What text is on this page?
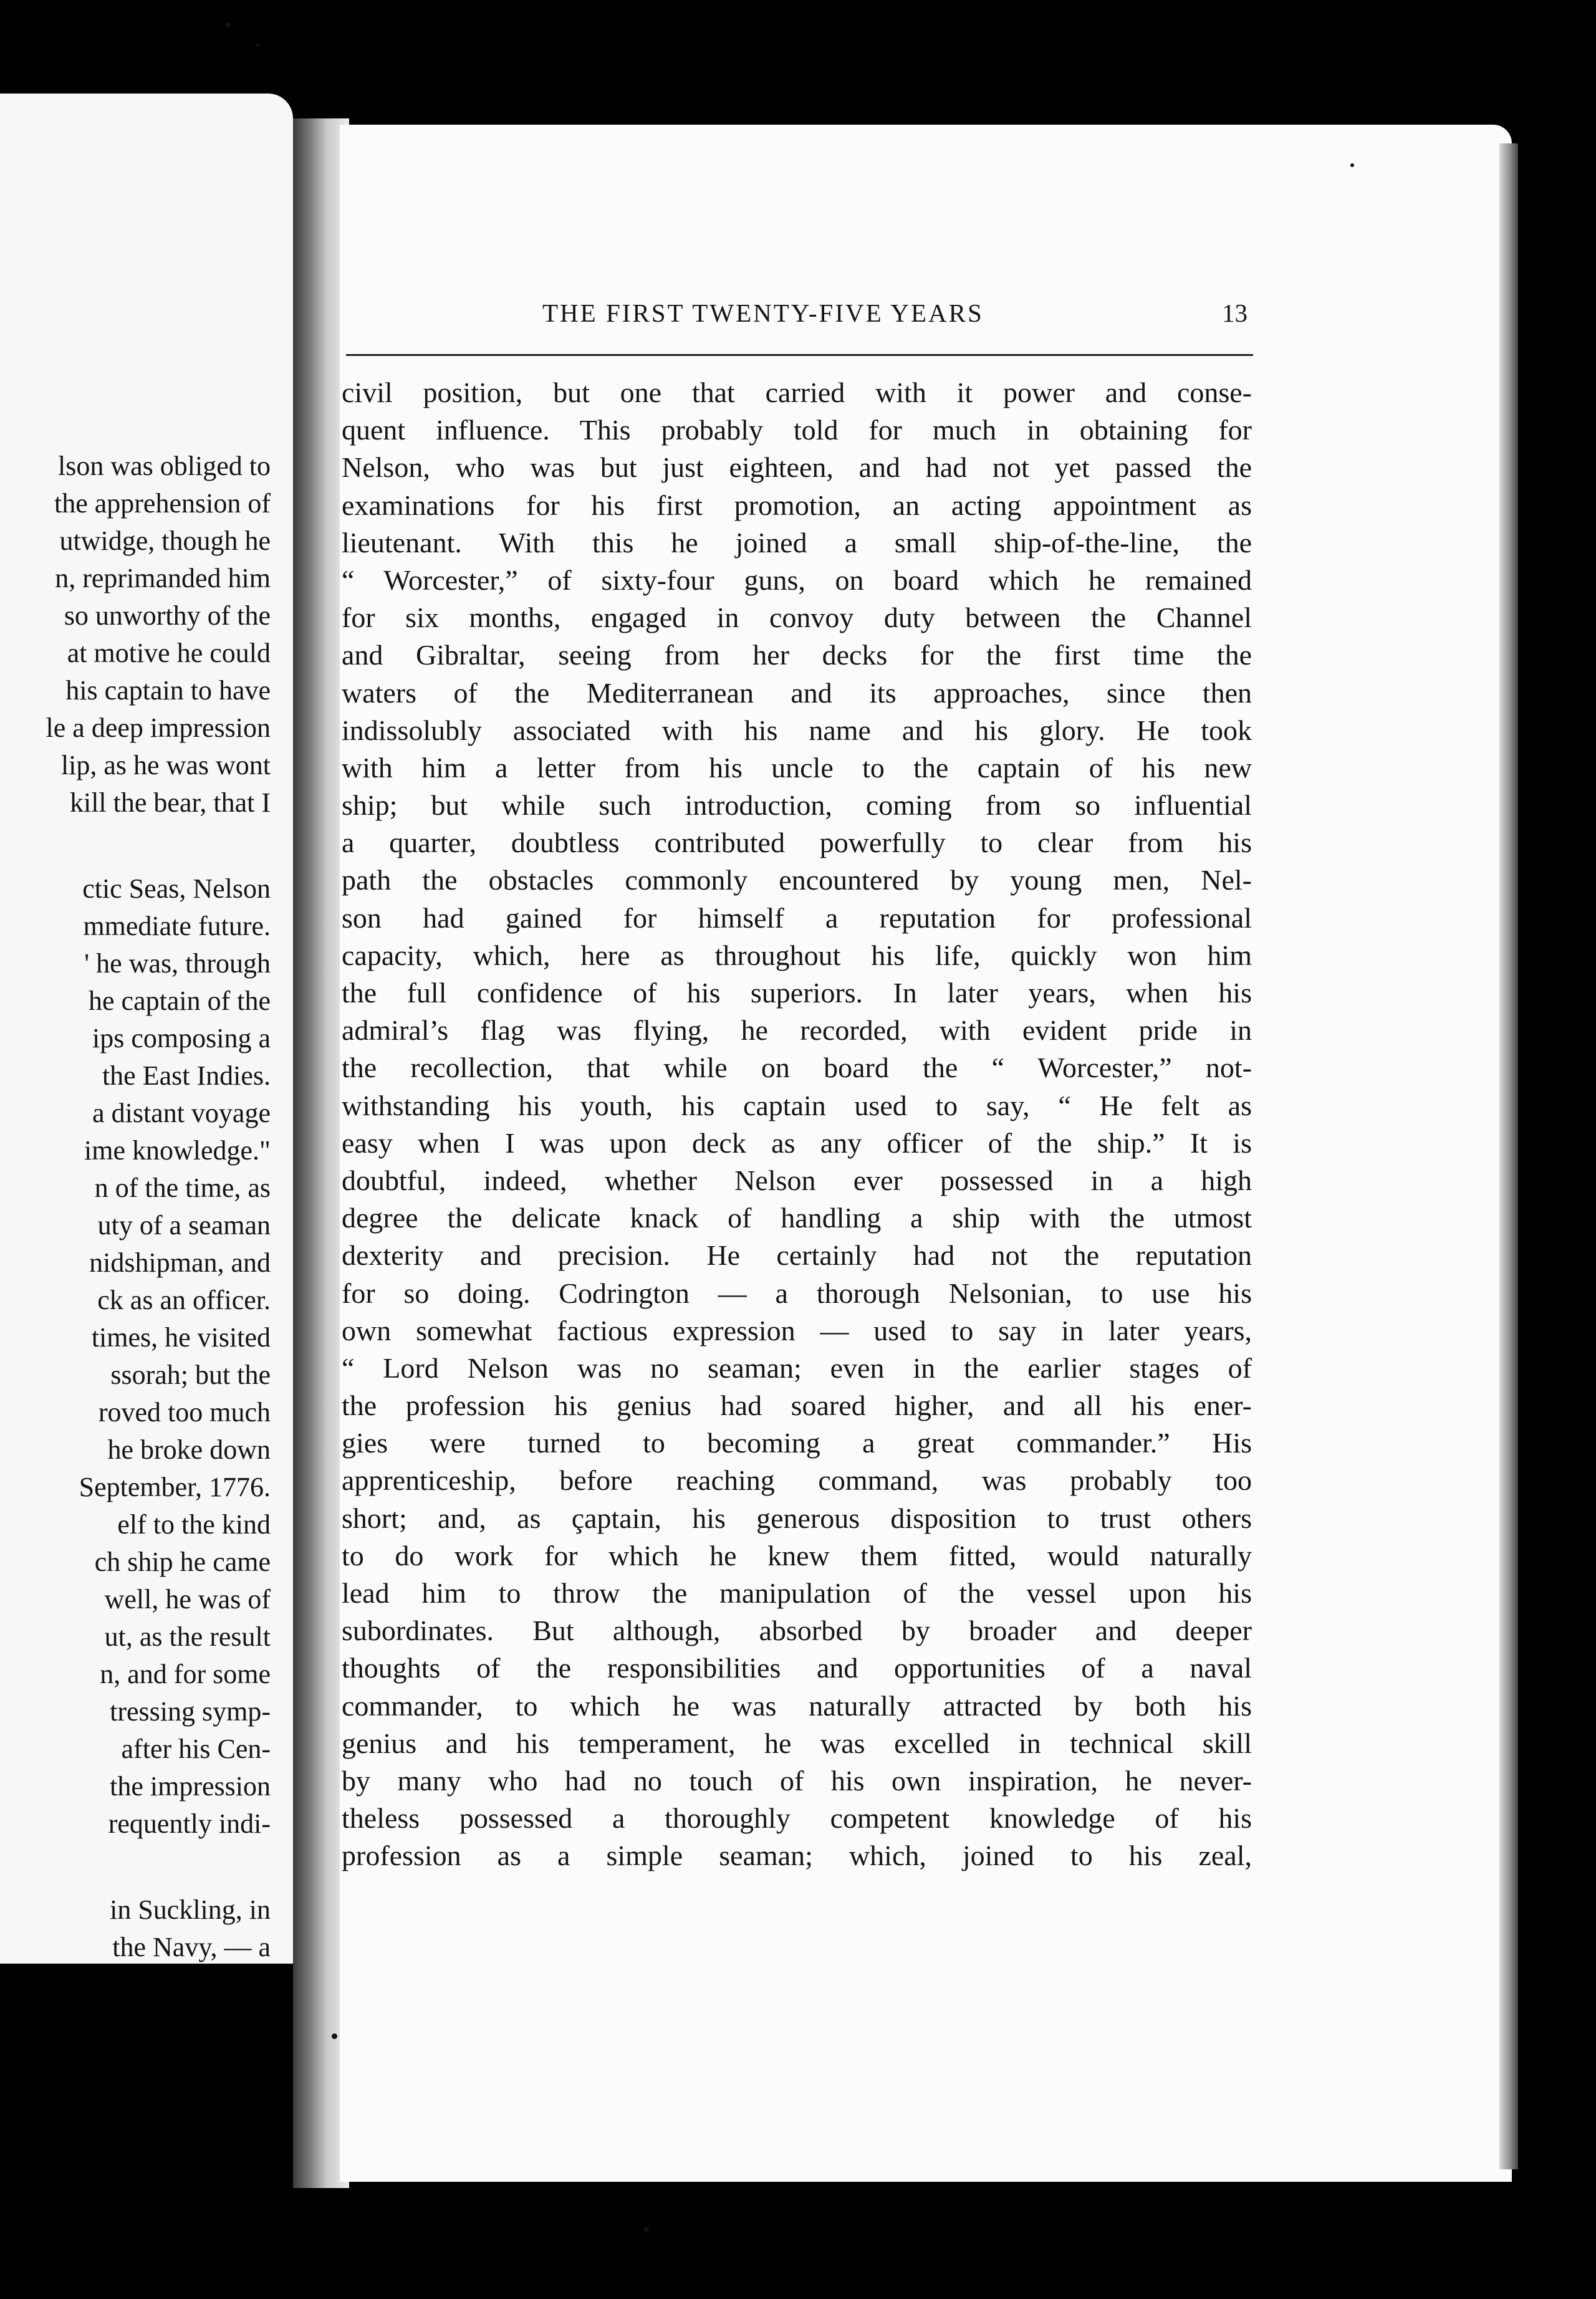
lson was obliged to
the apprehension of
utwidge, though he
n, reprimanded him
so unworthy of the
at motive he could
his captain to have
le a deep impression
lip, as he was wont
kill the bear, that I
ctic Seas, Nelson
mmediate future.
' he was, through
he captain of the
ips composing a
the East Indies.
a distant voyage
ime knowledge."
n of the time, as
uty of a seaman
nidshipman, and
ck as an officer.
times, he visited
ssorah; but the
roved too much
he broke down
September, 1776.
elf to the kind
ch ship he came
well, he was of
ut, as the result
n, and for some
tressing symp-
after his Cen-
the impression
requently indi-
in Suckling, in
the Navy, — a
THE FIRST TWENTY-FIVE YEARS	13
civil position, but one that carried with it power and conse-
quent influence. This probably told for much in obtaining for
Nelson, who was but just eighteen, and had not yet passed the
examinations for his first promotion, an acting appointment as
lieutenant. With this he joined a small ship-of-the-line, the
“ Worcester,” of sixty-four guns, on board which he remained
for six months, engaged in convoy duty between the Channel
and Gibraltar, seeing from her decks for the first time the
waters of the Mediterranean and its approaches, since then
indissolubly associated with his name and his glory. He took
with him a letter from his uncle to the captain of his new
ship; but while such introduction, coming from so influential
a quarter, doubtless contributed powerfully to clear from his
path the obstacles commonly encountered by young men, Nel-
son had gained for himself a reputation for professional
capacity, which, here as throughout his life, quickly won him
the full confidence of his superiors. In later years, when his
admiral’s flag was flying, he recorded, with evident pride in
the recollection, that while on board the “ Worcester,” not-
withstanding his youth, his captain used to say, “ He felt as
easy when I was upon deck as any officer of the ship.” It is
doubtful, indeed, whether Nelson ever possessed in a high
degree the delicate knack of handling a ship with the utmost
dexterity and precision. He certainly had not the reputation
for so doing. Codrington — a thorough Nelsonian, to use his
own somewhat factious expression — used to say in later years,
“ Lord Nelson was no seaman; even in the earlier stages of
the profession his genius had soared higher, and all his ener-
gies were turned to becoming a great commander.” His
apprenticeship, before reaching command, was probably too
short; and, as çaptain, his generous disposition to trust others
to do work for which he knew them fitted, would naturally
lead him to throw the manipulation of the vessel upon his
subordinates. But although, absorbed by broader and deeper
thoughts of the responsibilities and opportunities of a naval
commander, to which he was naturally attracted by both his
genius and his temperament, he was excelled in technical skill
by many who had no touch of his own inspiration, he never-
theless possessed a thoroughly competent knowledge of his
profession as a simple seaman; which, joined to his zeal,
